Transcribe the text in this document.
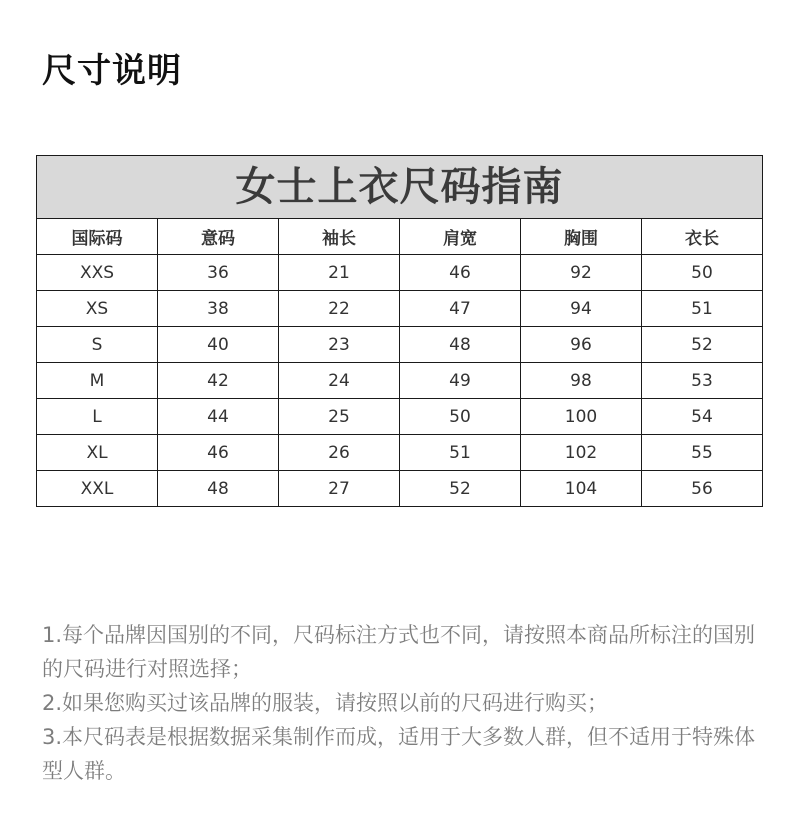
尺寸说明
女士上衣尺码指南					
国际码	意码	袖长	肩宽	胸围	衣长
XXS	36	21	46	92	50
XS	38	22	47	94	51
S	40	23	48	96	52
M	42	24	49	98	53
L	44	25	50	100	54
XL	46	26	51	102	55
XXL	48	27	52	104	56

1.每个品牌因国别的不同，尺码标注方式也不同，请按照本商品所标注的国别的尺码进行对照选择；

2.如果您购买过该品牌的服装，请按照以前的尺码进行购买；

3.本尺码表是根据数据采集制作而成，适用于大多数人群，但不适用于特殊体型人群。
